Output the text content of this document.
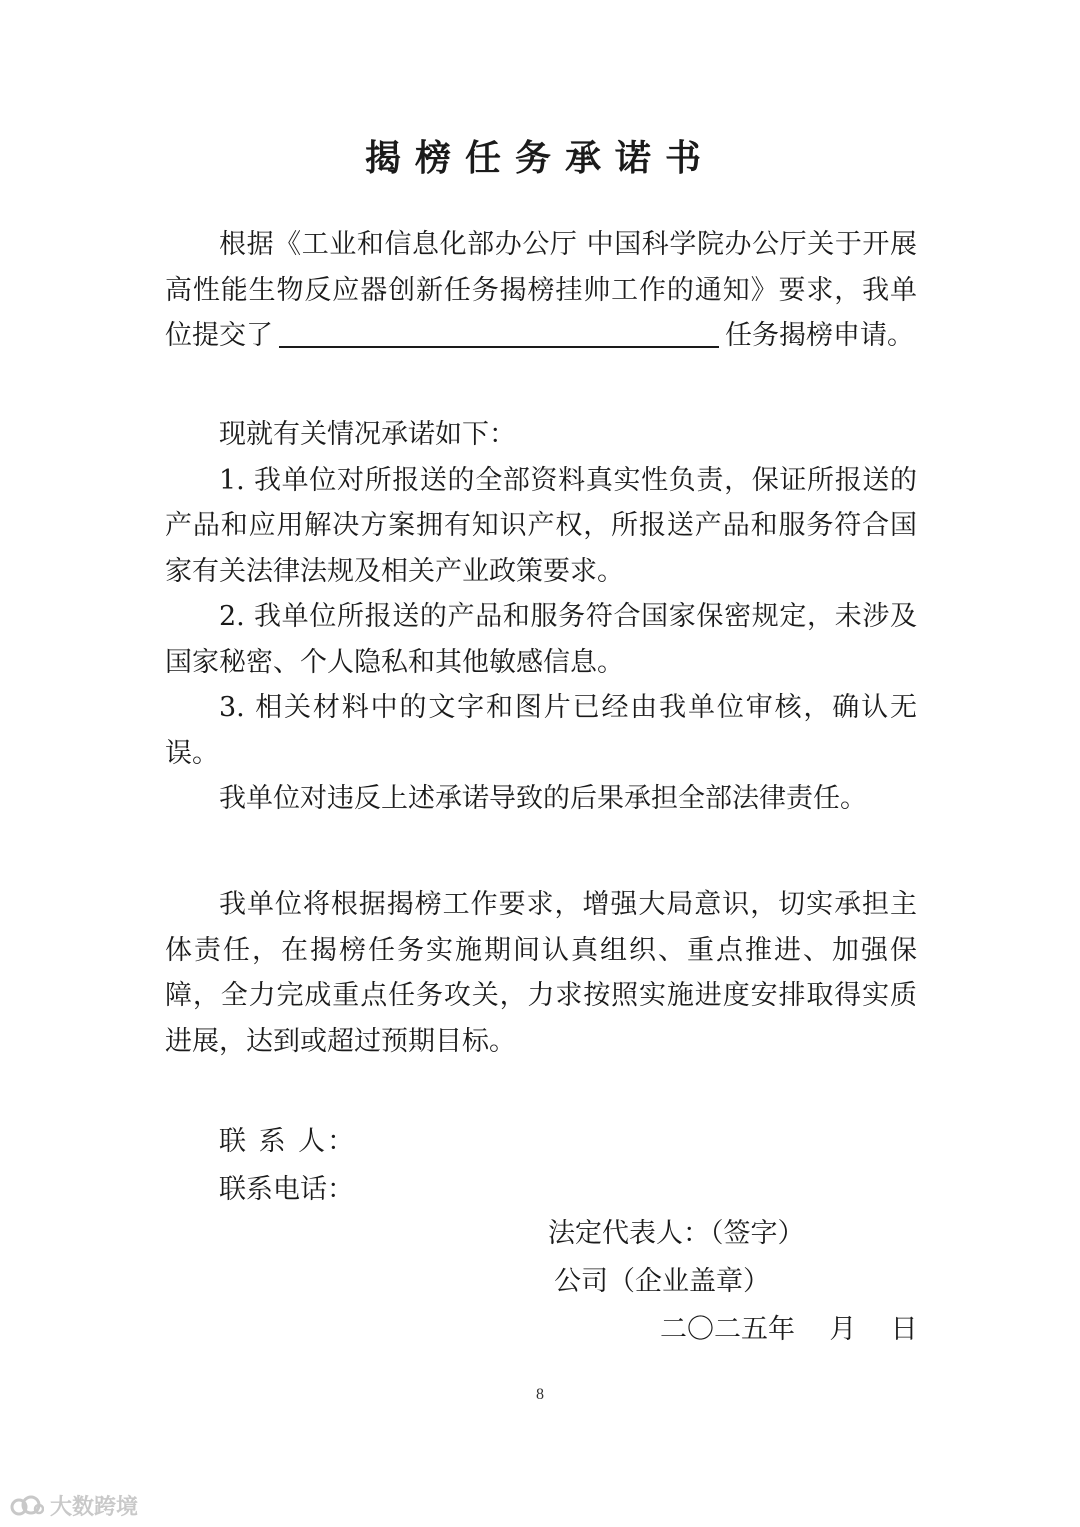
揭榜任务承诺书

根据《工业和信息化部办公厅 中国科学院办公厅关于开展高性能生物反应器创新任务揭榜挂帅工作的通知》要求，我单位提交了	任务揭榜申请。

现就有关情况承诺如下：

1. 我单位对所报送的全部资料真实性负责，保证所报送的产品和应用解决方案拥有知识产权，所报送产品和服务符合国家有关法律法规及相关产业政策要求。

2. 我单位所报送的产品和服务符合国家保密规定，未涉及国家秘密、个人隐私和其他敏感信息。

3. 相关材料中的文字和图片已经由我单位审核，确认无误。

我单位对违反上述承诺导致的后果承担全部法律责任。

我单位将根据揭榜工作要求，增强大局意识，切实承担主体责任，在揭榜任务实施期间认真组织、重点推进、加强保障，全力完成重点任务攻关，力求按照实施进度安排取得实质进展，达到或超过预期目标。

联 系 人：
联系电话：
法定代表人：（签字）
公司（企业盖章）
二〇二五年    月    日
8
大数跨境
